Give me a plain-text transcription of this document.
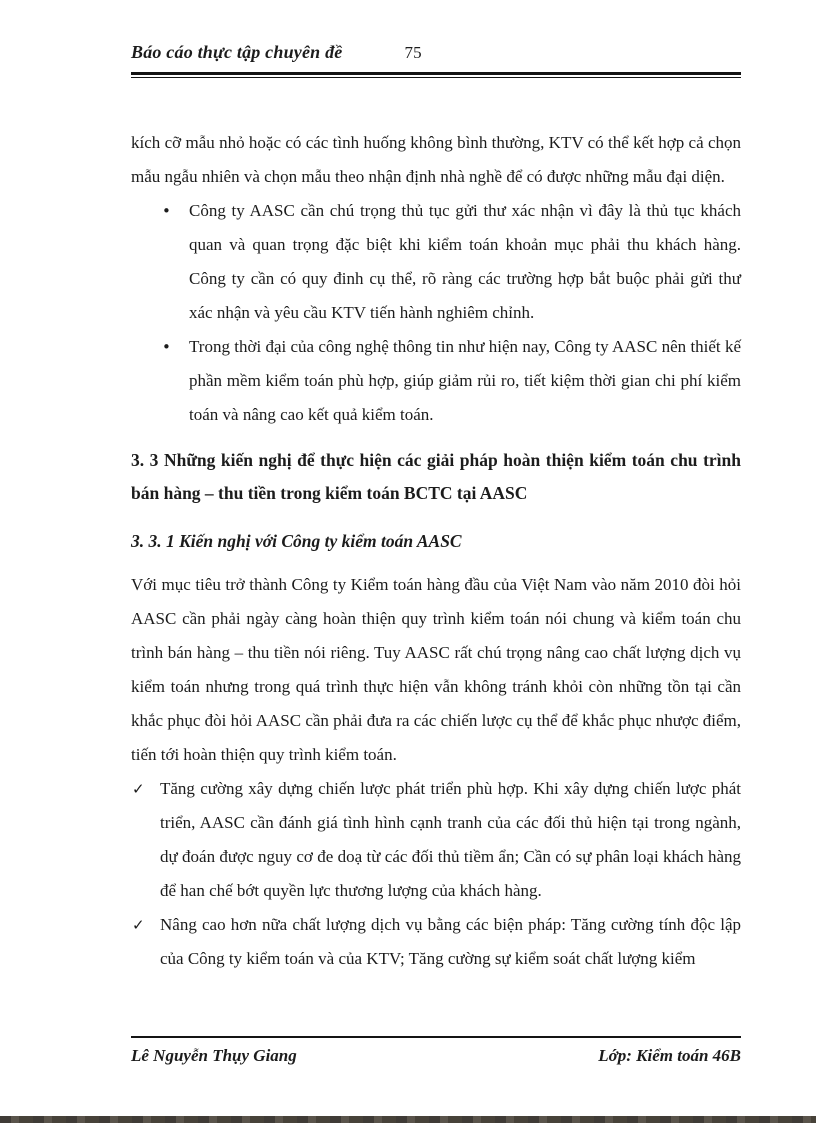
Báo cáo thực tập chuyên đề	75

kích cỡ mẫu nhỏ hoặc có các tình huống không bình thường, KTV có thể kết hợp cả chọn mẫu ngẫu nhiên và chọn mẫu theo nhận định nhà nghề để có được những mẫu đại diện.

• Công ty AASC cần chú trọng thủ tục gửi thư xác nhận vì đây là thủ tục khách quan và quan trọng đặc biệt khi kiểm toán khoản mục phải thu khách hàng. Công ty cần có quy đinh cụ thể, rõ ràng các trường hợp bắt buộc phải gửi thư xác nhận và yêu cầu KTV tiến hành nghiêm chỉnh.
• Trong thời đại của công nghệ thông tin như hiện nay, Công ty AASC nên thiết kế phần mềm kiểm toán phù hợp, giúp giảm rủi ro, tiết kiệm thời gian chi phí kiểm toán và nâng cao kết quả kiểm toán.
3. 3 Những kiến nghị để thực hiện các giải pháp hoàn thiện kiểm toán chu trình bán hàng – thu tiền trong kiểm toán BCTC tại AASC
3. 3. 1 Kiến nghị với Công ty kiểm toán AASC

Với mục tiêu trở thành Công ty Kiểm toán hàng đầu của Việt Nam vào năm 2010 đòi hỏi AASC cần phải ngày càng hoàn thiện quy trình kiểm toán nói chung và kiểm toán chu trình bán hàng – thu tiền nói riêng. Tuy AASC rất chú trọng nâng cao chất lượng dịch vụ kiểm toán nhưng trong quá trình thực hiện vẫn không tránh khỏi còn những tồn tại cần khắc phục đòi hỏi AASC cần phải đưa ra các chiến lược cụ thể để khắc phục nhược điểm, tiến tới hoàn thiện quy trình kiểm toán.

✓ Tăng cường xây dựng chiến lược phát triển phù hợp. Khi xây dựng chiến lược phát triển, AASC cần đánh giá tình hình cạnh tranh của các đối thủ hiện tại trong ngành, dự đoán được nguy cơ đe doạ từ các đối thủ tiềm ẩn; Cần có sự phân loại khách hàng để han chế bớt quyền lực thương lượng của khách hàng.
✓ Nâng cao hơn nữa chất lượng dịch vụ bằng các biện pháp: Tăng cường tính độc lập của Công ty kiểm toán và của KTV; Tăng cường sự kiểm soát chất lượng kiểm
Lê Nguyễn Thụy Giang	Lớp: Kiểm toán 46B
